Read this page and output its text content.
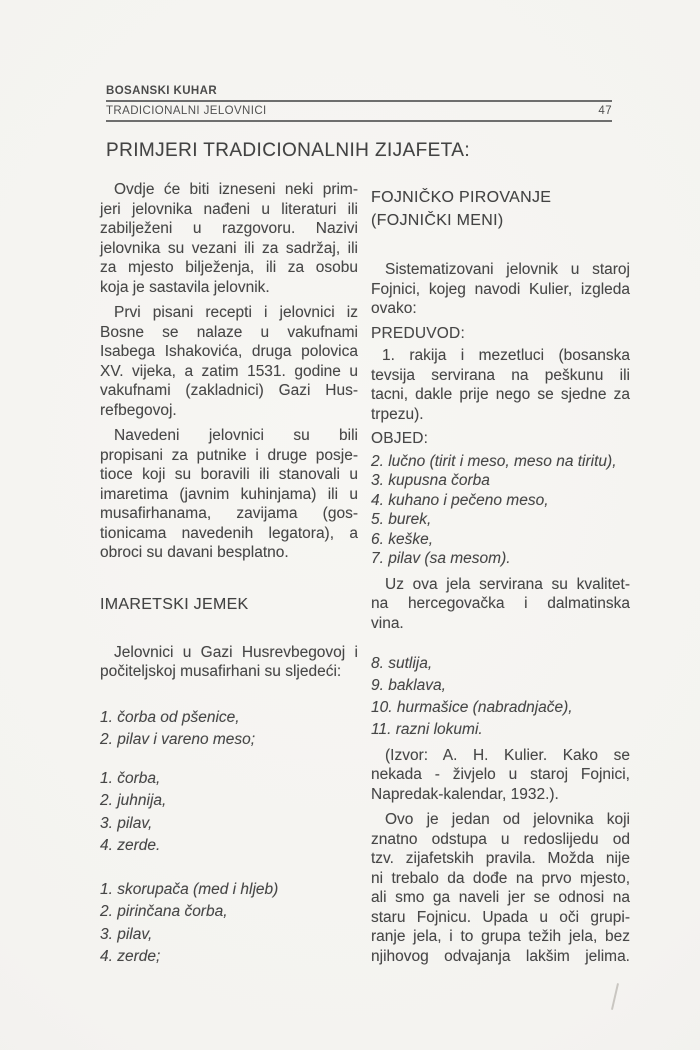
BOSANSKI KUHAR
TRADICIONALNI JELOVNICI	47
PRIMJERI TRADICIONALNIH ZIJAFETA:
Ovdje će biti izneseni neki prim-
jeri jelovnika nađeni u literaturi ili
zabilježeni u razgovoru. Nazivi
jelovnika su vezani ili za sadržaj, ili
za mjesto bilježenja, ili za osobu
koja je sastavila jelovnik.
Prvi pisani recepti i jelovnici iz
Bosne se nalaze u vakufnami
Isabega Ishakovića, druga polovica
XV. vijeka, a zatim 1531. godine u
vakufnami (zakladnici) Gazi Hus-
refbegovoj.
Navedeni jelovnici su bili
propisani za putnike i druge posje-
tioce koji su boravili ili stanovali u
imaretima (javnim kuhinjama) ili u
musafirhanama, zavijama (gos-
tionicama navedenih legatora), a
obroci su davani besplatno.
IMARETSKI JEMEK
Jelovnici u Gazi Husrevbegovoj i
počiteljskoj musafirhani su sljedeći:
1. čorba od pšenice,
2. pilav i vareno meso;
1. čorba,
2. juhnija,
3. pilav,
4. zerde.
1. skorupača (med i hljeb)
2. pirinčana čorba,
3. pilav,
4. zerde;
FOJNIČKO PIROVANJE
(FOJNIČKI MENI)
Sistematizovani jelovnik u staroj
Fojnici, kojeg navodi Kulier, izgleda
ovako:
PREDUVOD:
1. rakija i mezetluci (bosanska
tevsija servirana na peškunu ili
tacni, dakle prije nego se sjedne za
trpezu).
OBJED:
2. lučno (tirit i meso, meso na tiritu),
3. kupusna čorba
4. kuhano i pečeno meso,
5. burek,
6. keške,
7. pilav (sa mesom).
Uz ova jela servirana su kvalitet-
na hercegovačka i dalmatinska
vina.
8. sutlija,
9. baklava,
10. hurmašice (nabradnjače),
11. razni lokumi.
(Izvor: A. H. Kulier. Kako se
nekada - živjelo u staroj Fojnici,
Napredak-kalendar, 1932.).
Ovo je jedan od jelovnika koji
znatno odstupa u redoslijedu od
tzv. zijafetskih pravila. Možda nije
ni trebalo da dođe na prvo mjesto,
ali smo ga naveli jer se odnosi na
staru Fojnicu. Upada u oči grupi-
ranje jela, i to grupa težih jela, bez
njihovog odvajanja lakšim jelima.
